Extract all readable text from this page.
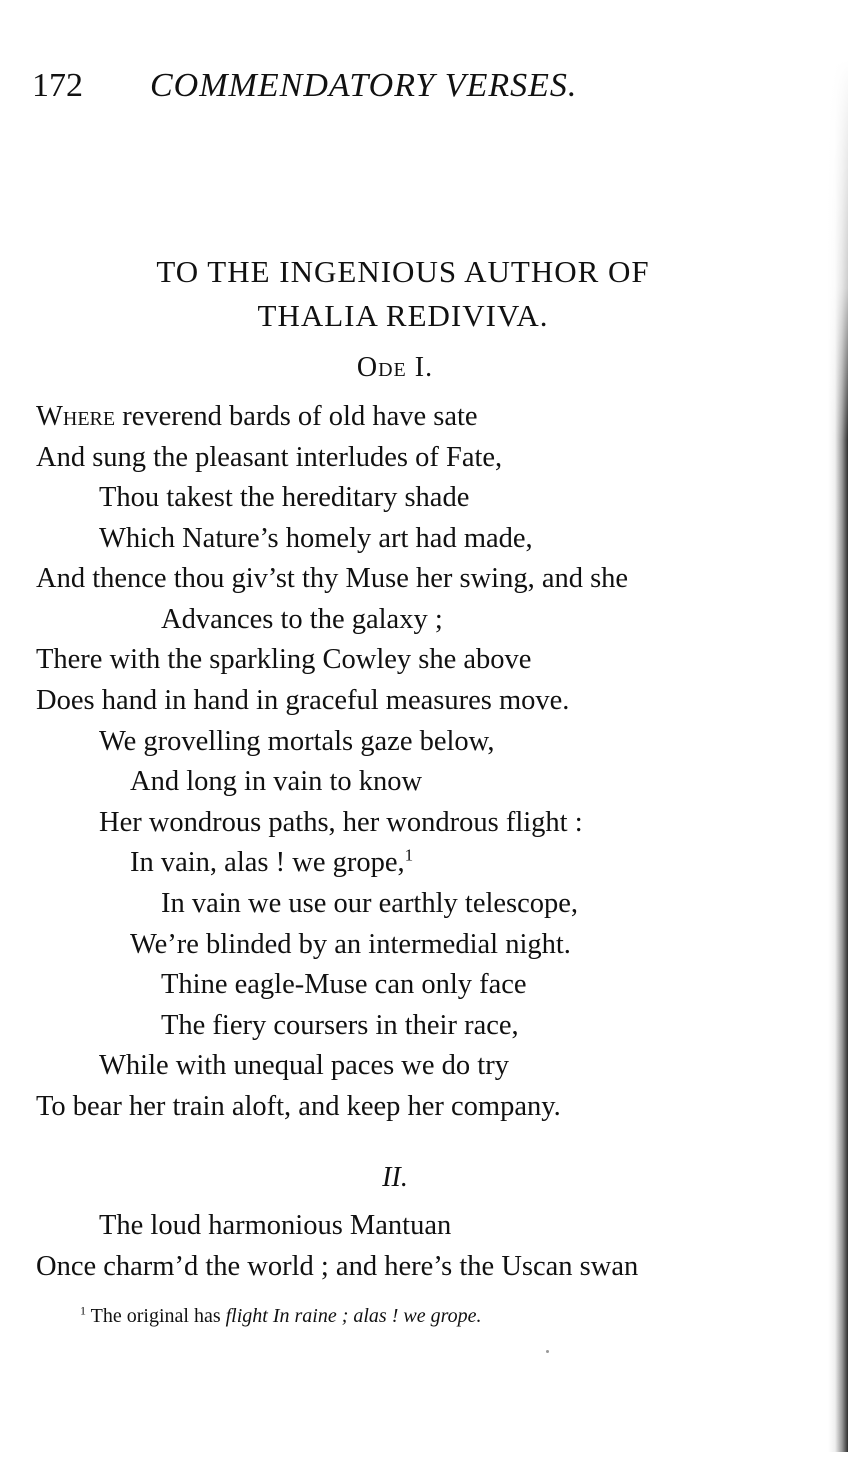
172 COMMENDATORY VERSES.
TO THE INGENIOUS AUTHOR OF
THALIA REDIVIVA.
Ode I.
Where reverend bards of old have sate
And sung the pleasant interludes of Fate,
Thou takest the hereditary shade
Which Nature’s homely art had made,
And thence thou giv’st thy Muse her swing, and she
Advances to the galaxy ;
There with the sparkling Cowley she above
Does hand in hand in graceful measures move.
We grovelling mortals gaze below,
And long in vain to know
Her wondrous paths, her wondrous flight :
In vain, alas ! we grope,$^1$
In vain we use our earthly telescope,
We’re blinded by an intermedial night.
Thine eagle-Muse can only face
The fiery coursers in their race,
While with unequal paces we do try
To bear her train aloft, and keep her company.
II.
The loud harmonious Mantuan
Once charm’d the world ; and here’s the Uscan swan
$^1$ The original has flight In raine ; alas ! we grope.
